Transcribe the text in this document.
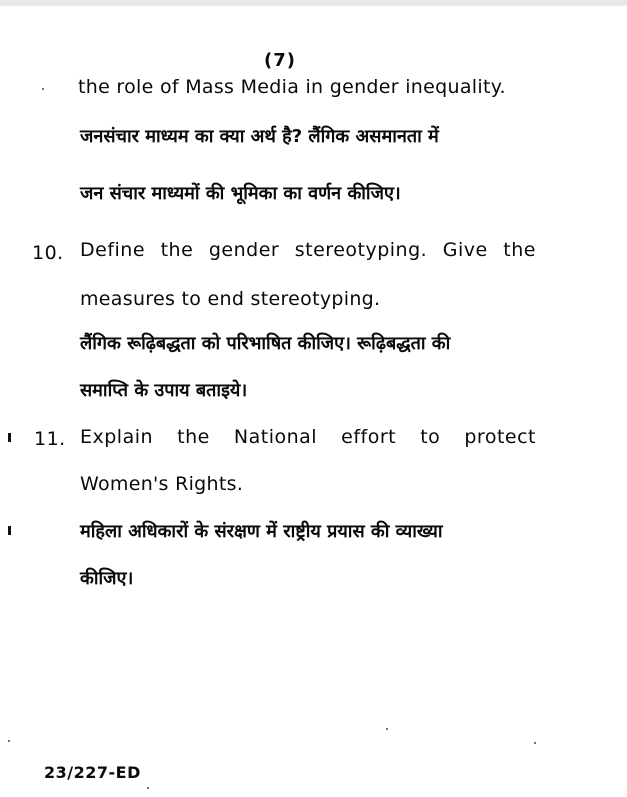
(7)
the role of Mass Media in gender inequality.
जनसंचार माध्यम का क्या अर्थ है? लैंगिक असमानता में
जन संचार माध्यमों की भूमिका का वर्णन कीजिए।
10. Define the gender stereotyping. Give the
measures to end stereotyping.
लैंगिक रूढ़िबद्धता को परिभाषित कीजिए। रूढ़िबद्धता की
समाप्ति के उपाय बताइये।
11. Explain the National effort to protect
Women's Rights.
महिला अधिकारों के संरक्षण में राष्ट्रीय प्रयास की व्याख्या
कीजिए।
23/227-ED
